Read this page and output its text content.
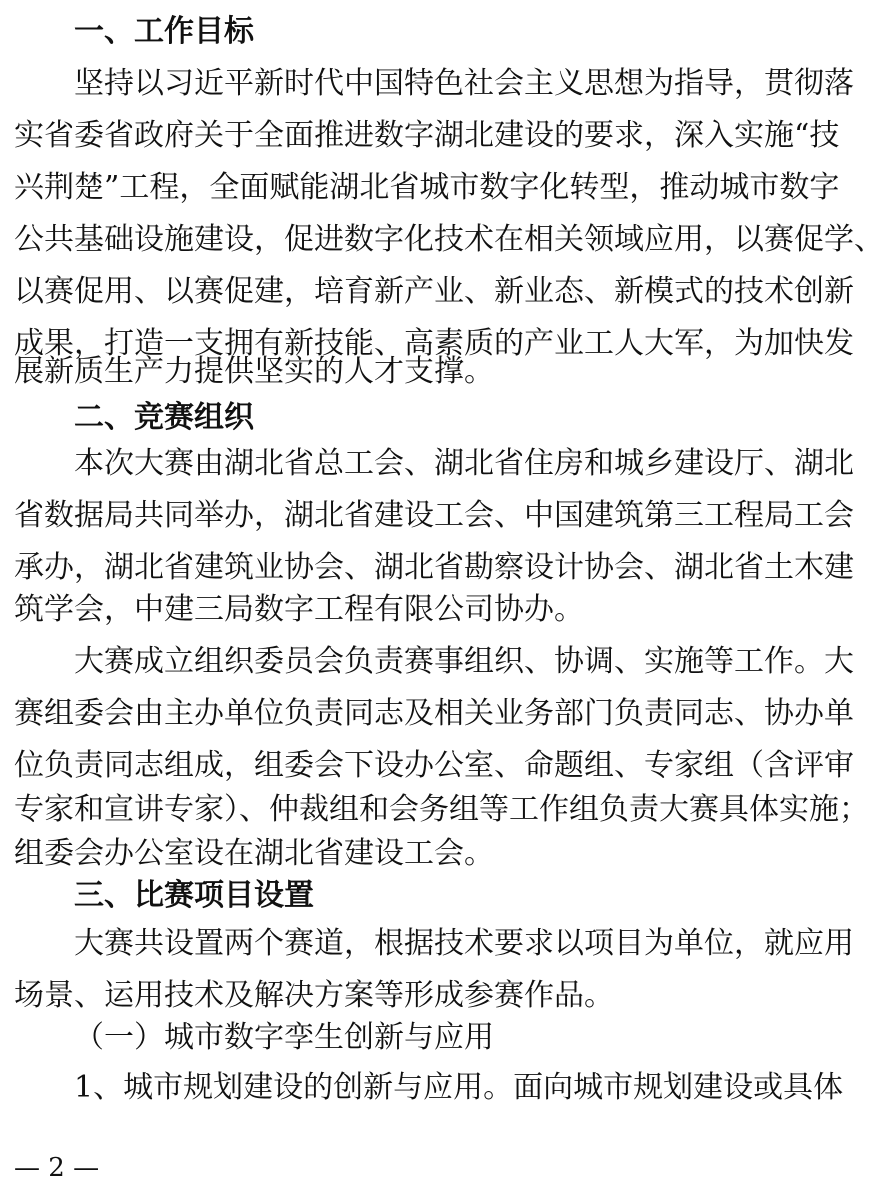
一、工作目标
坚持以习近平新时代中国特色社会主义思想为指导，贯彻落
实省委省政府关于全面推进数字湖北建设的要求，深入实施“技
兴荆楚”工程，全面赋能湖北省城市数字化转型，推动城市数字
公共基础设施建设，促进数字化技术在相关领域应用，以赛促学、
以赛促用、以赛促建，培育新产业、新业态、新模式的技术创新
成果，打造一支拥有新技能、高素质的产业工人大军，为加快发
展新质生产力提供坚实的人才支撑。
二、竞赛组织
本次大赛由湖北省总工会、湖北省住房和城乡建设厅、湖北
省数据局共同举办，湖北省建设工会、中国建筑第三工程局工会
承办，湖北省建筑业协会、湖北省勘察设计协会、湖北省土木建
筑学会，中建三局数字工程有限公司协办。
大赛成立组织委员会负责赛事组织、协调、实施等工作。大
赛组委会由主办单位负责同志及相关业务部门负责同志、协办单
位负责同志组成，组委会下设办公室、命题组、专家组（含评审
专家和宣讲专家）、仲裁组和会务组等工作组负责大赛具体实施；
组委会办公室设在湖北省建设工会。
三、比赛项目设置
大赛共设置两个赛道，根据技术要求以项目为单位，就应用
场景、运用技术及解决方案等形成参赛作品。
（一）城市数字孪生创新与应用
1、城市规划建设的创新与应用。面向城市规划建设或具体
— 2 —
